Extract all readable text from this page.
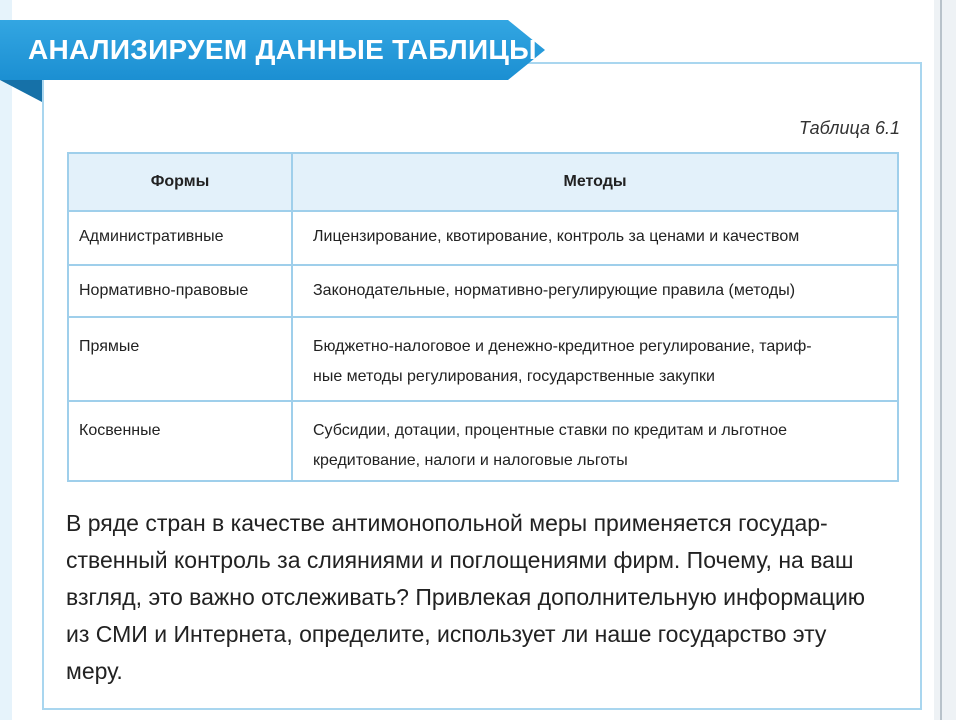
АНАЛИЗИРУЕМ ДАННЫЕ ТАБЛИЦЫ
Таблица 6.1
Формы	Методы
Административные	Лицензирование, квотирование, контроль за ценами и качеством
Нормативно-правовые	Законодательные, нормативно-регулирующие правила (методы)
Прямые	Бюджетно-налоговое и денежно-кредитное регулирование, тариф-
ные методы регулирования, государственные закупки
Косвенные	Субсидии, дотации, процентные ставки по кредитам и льготное
кредитование, налоги и налоговые льготы
В ряде стран в качестве антимонопольной меры применяется государ-
ственный контроль за слияниями и поглощениями фирм. Почему, на ваш
взгляд, это важно отслеживать? Привлекая дополнительную информацию
из СМИ и Интернета, определите, использует ли наше государство эту
меру.
